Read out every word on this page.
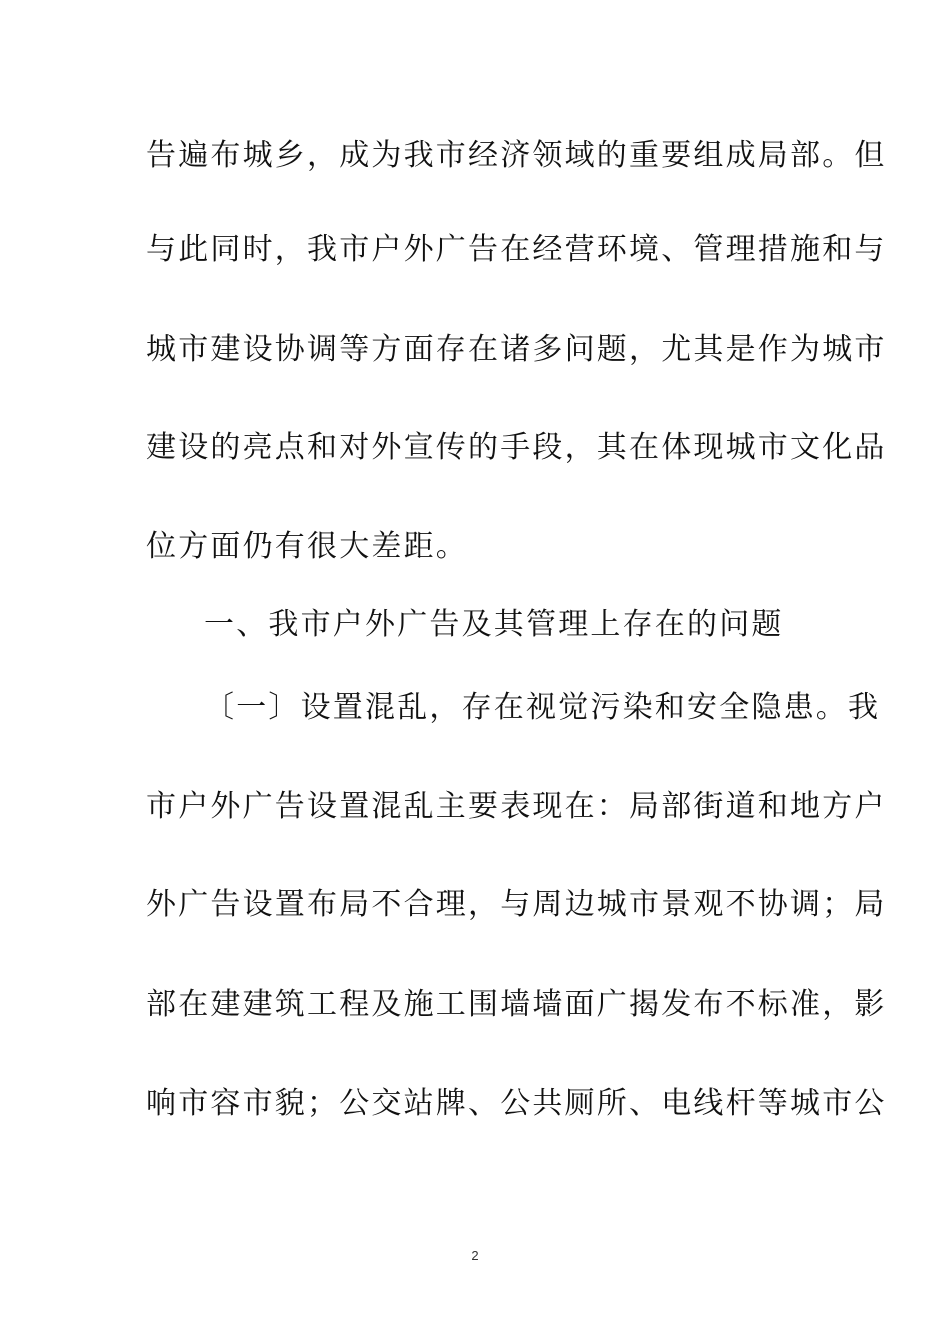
告遍布城乡，成为我市经济领域的重要组成局部。但
与此同时，我市户外广告在经营环境、管理措施和与
城市建设协调等方面存在诸多问题，尤其是作为城市
建设的亮点和对外宣传的手段，其在体现城市文化品
位方面仍有很大差距。
一、我市户外广告及其管理上存在的问题
〔一〕设置混乱，存在视觉污染和安全隐患。我
市户外广告设置混乱主要表现在：局部街道和地方户
外广告设置布局不合理，与周边城市景观不协调；局
部在建建筑工程及施工围墙墙面广揭发布不标准，影
响市容市貌；公交站牌、公共厕所、电线杆等城市公
2
